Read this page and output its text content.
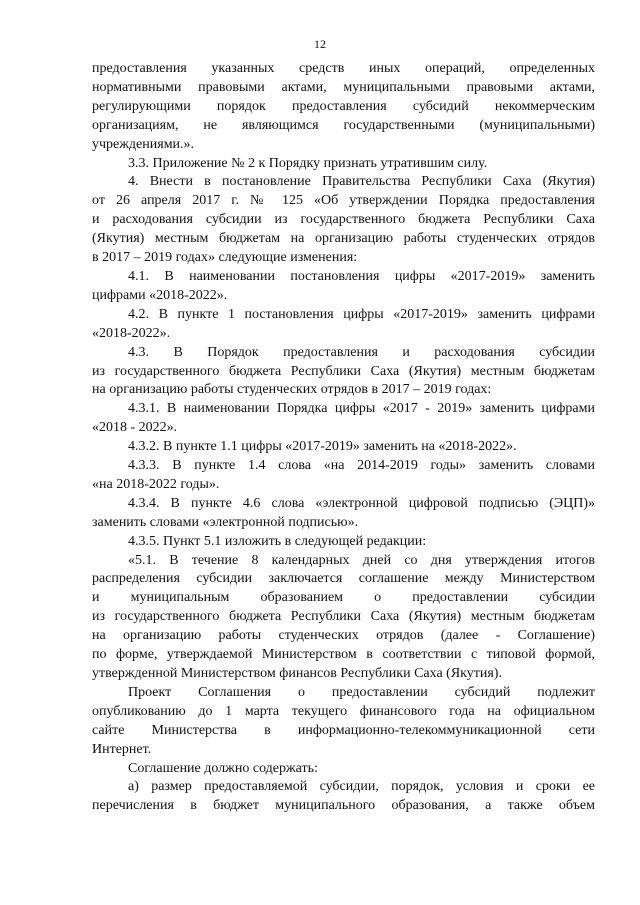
12
предоставления указанных средств иных операций, определенных
нормативными правовыми актами, муниципальными правовыми актами,
регулирующими порядок предоставления субсидий некоммерческим
организациям, не являющимся государственными (муниципальными)
учреждениями.».
3.3. Приложение № 2 к Порядку признать утратившим силу.
4. Внести в постановление Правительства Республики Саха (Якутия)
от 26 апреля 2017 г. № 125 «Об утверждении Порядка предоставления
и расходования субсидии из государственного бюджета Республики Саха
(Якутия) местным бюджетам на организацию работы студенческих отрядов
в 2017 – 2019 годах» следующие изменения:
4.1. В наименовании постановления цифры «2017-2019» заменить
цифрами «2018-2022».
4.2. В пункте 1 постановления цифры «2017-2019» заменить цифрами
«2018-2022».
4.3. В Порядок предоставления и расходования субсидии
из государственного бюджета Республики Саха (Якутия) местным бюджетам
на организацию работы студенческих отрядов в 2017 – 2019 годах:
4.3.1. В наименовании Порядка цифры «2017 - 2019» заменить цифрами
«2018 - 2022».
4.3.2. В пункте 1.1 цифры «2017-2019» заменить на «2018-2022».
4.3.3. В пункте 1.4 слова «на 2014-2019 годы» заменить словами
«на 2018-2022 годы».
4.3.4. В пункте 4.6 слова «электронной цифровой подписью (ЭЦП)»
заменить словами «электронной подписью».
4.3.5. Пункт 5.1 изложить в следующей редакции:
«5.1. В течение 8 календарных дней со дня утверждения итогов
распределения субсидии заключается соглашение между Министерством
и муниципальным образованием о предоставлении субсидии
из государственного бюджета Республики Саха (Якутия) местным бюджетам
на организацию работы студенческих отрядов (далее - Соглашение)
по форме, утверждаемой Министерством в соответствии с типовой формой,
утвержденной Министерством финансов Республики Саха (Якутия).
Проект Соглашения о предоставлении субсидий подлежит
опубликованию до 1 марта текущего финансового года на официальном
сайте Министерства в информационно-телекоммуникационной сети
Интернет.
Соглашение должно содержать:
а) размер предоставляемой субсидии, порядок, условия и сроки ее
перечисления в бюджет муниципального образования, а также объем
